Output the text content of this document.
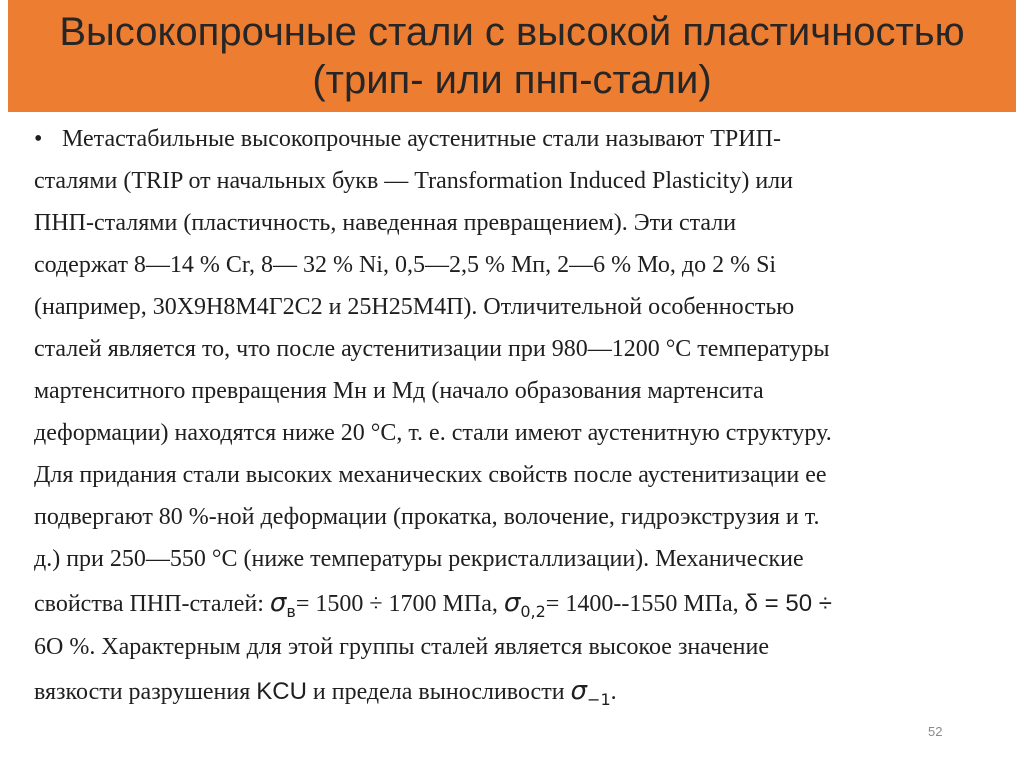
Высокопрочные стали с высокой пластичностью
(трип- или пнп-стали)
• Метастабильные высокопрочные аустенитные стали называют ТРИП-
сталями (TRIP от начальных букв — Transformation Induced Plasticity) или
ПНП-сталями (пластичность, наведенная превращением). Эти стали
содержат 8—14 % Cr, 8— 32 % Ni, 0,5—2,5 % Мп, 2—6 % Мо, до 2 % Si
(например, 30Х9Н8М4Г2С2 и 25Н25М4П). Отличительной особенностью
сталей является то, что после аустенитизации при 980—1200 °С температуры
мартенситного превращения Мн и Мд (начало образования мартенсита
деформации) находятся ниже 20 °С, т. е. стали имеют аустенитную структуру.
Для придания стали высоких механических свойств после аустенитизации ее
подвергают 80 %-ной деформации (прокатка, волочение, гидроэкструзия и т.
д.) при 250—550 °С (ниже температуры рекристаллизации). Механические
свойства ПНП-сталей: $\sigma_в= 1500 \div 1700$ МПа, $\sigma_{0,2}= 1400--1550$ МПа, δ = 50 ÷
6О %. Характерным для этой группы сталей является высокое значение
вязкости разрушения KCU и предела выносливости $\sigma_{-1}$.
52
